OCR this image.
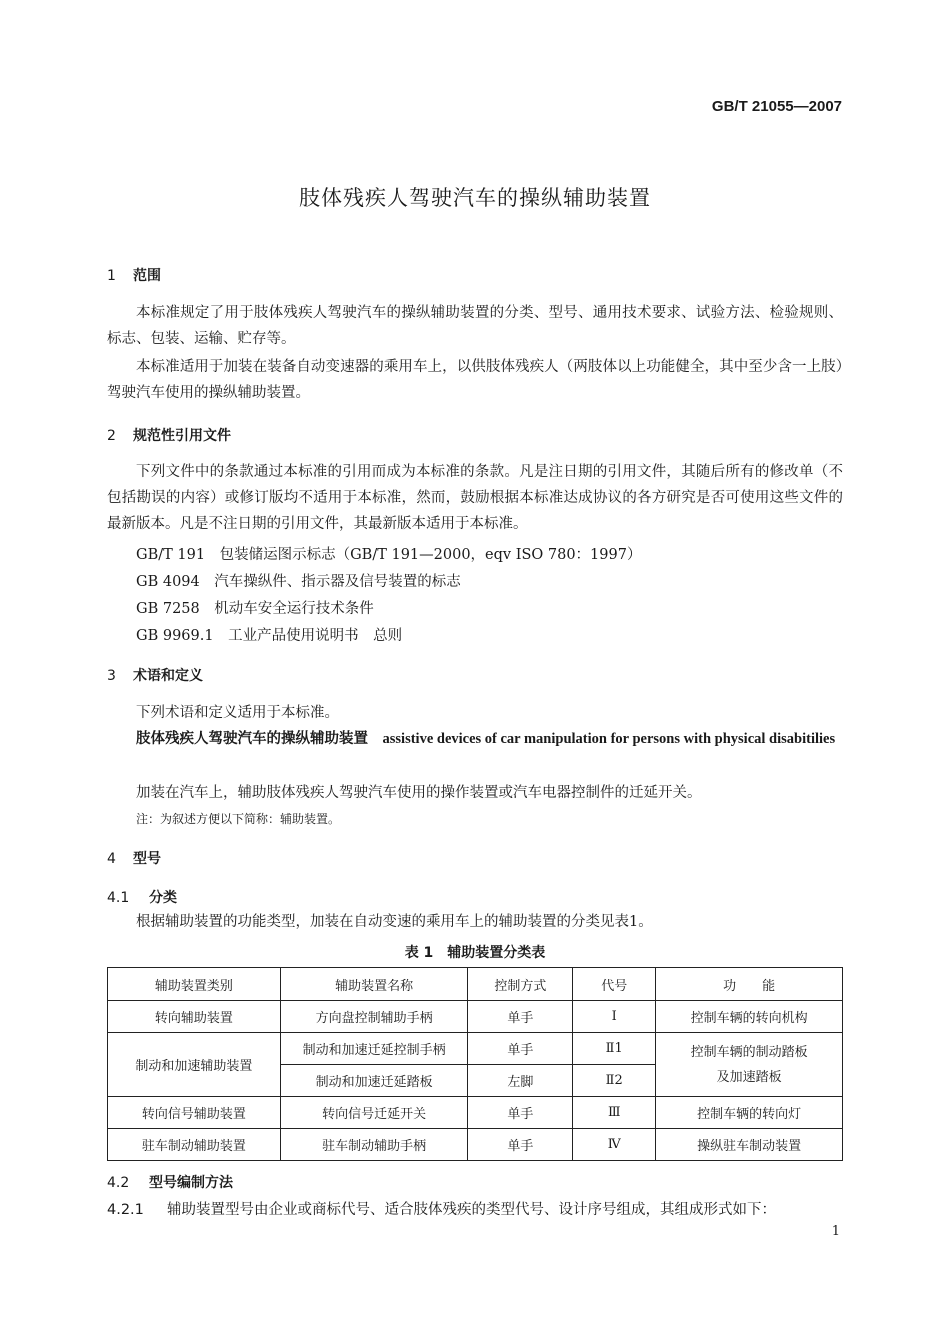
GB/T 21055—2007
肢体残疾人驾驶汽车的操纵辅助装置
1 范围
本标准规定了用于肢体残疾人驾驶汽车的操纵辅助装置的分类、型号、通用技术要求、试验方法、检验规则、标志、包装、运输、贮存等。
本标准适用于加装在装备自动变速器的乘用车上，以供肢体残疾人（两肢体以上功能健全，其中至少含一上肢）驾驶汽车使用的操纵辅助装置。
2 规范性引用文件
下列文件中的条款通过本标准的引用而成为本标准的条款。凡是注日期的引用文件，其随后所有的修改单（不包括勘误的内容）或修订版均不适用于本标准，然而，鼓励根据本标准达成协议的各方研究是否可使用这些文件的最新版本。凡是不注日期的引用文件，其最新版本适用于本标准。
GB/T 191　包装储运图示标志（GB/T 191—2000，eqv ISO 780：1997）
GB 4094　汽车操纵件、指示器及信号装置的标志
GB 7258　机动车安全运行技术条件
GB 9969.1　工业产品使用说明书　总则
3 术语和定义
下列术语和定义适用于本标准。
肢体残疾人驾驶汽车的操纵辅助装置　 assistive devices of car manipulation for persons with physical disabitilies
加装在汽车上，辅助肢体残疾人驾驶汽车使用的操作装置或汽车电器控制件的迁延开关。
注：为叙述方便以下简称：辅助装置。
4 型号
4.1 分类
根据辅助装置的功能类型，加装在自动变速的乘用车上的辅助装置的分类见表1。
表 1　辅助装置分类表
辅助装置类别	辅助装置名称	控制方式	代号	功　　能
转向辅助装置	方向盘控制辅助手柄	单手	Ⅰ	控制车辆的转向机构
制动和加速辅助装置	制动和加速迁延控制手柄	单手	Ⅱ1	控制车辆的制动踏板及加速踏板
	制动和加速迁延踏板	左脚	Ⅱ2	
转向信号辅助装置	转向信号迁延开关	单手	Ⅲ	控制车辆的转向灯
驻车制动辅助装置	驻车制动辅助手柄	单手	Ⅳ	操纵驻车制动装置
4.2 型号编制方法
4.2.1 辅助装置型号由企业或商标代号、适合肢体残疾的类型代号、设计序号组成，其组成形式如下：
1
